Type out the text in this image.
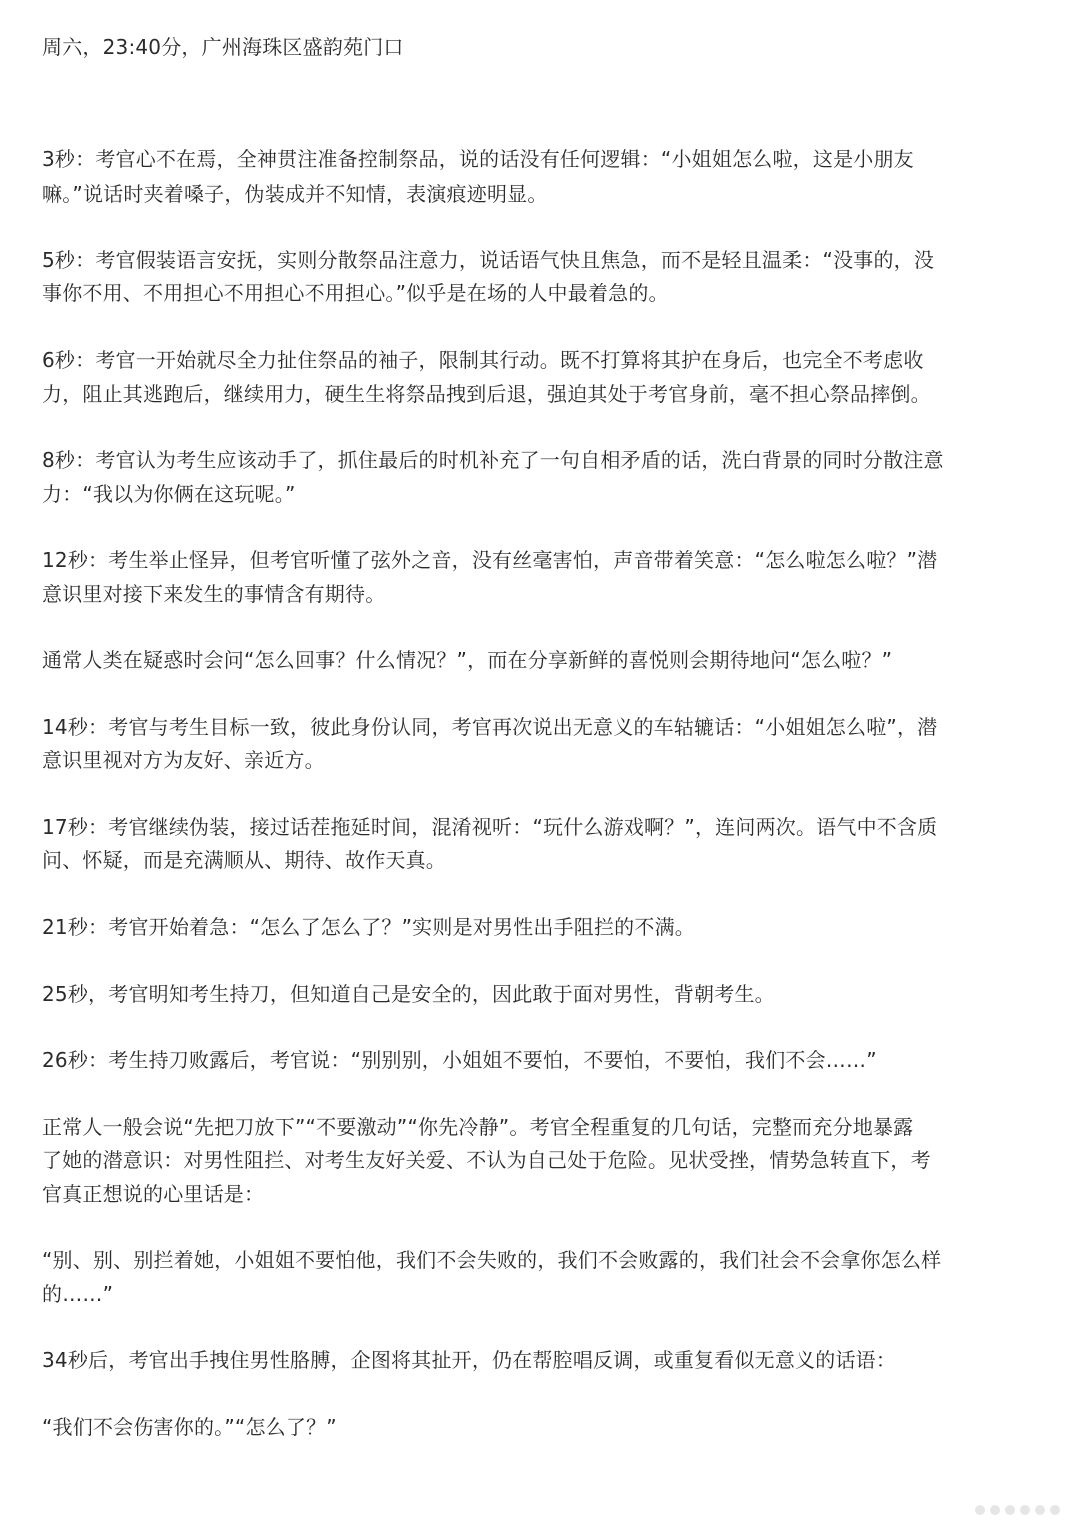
周六，23:40分，广州海珠区盛韵苑门口

3秒：考官心不在焉，全神贯注准备控制祭品，说的话没有任何逻辑：“小姐姐怎么啦，这是小朋友

嘛。”说话时夹着嗓子，伪装成并不知情，表演痕迹明显。

5秒：考官假装语言安抚，实则分散祭品注意力，说话语气快且焦急，而不是轻且温柔：“没事的，没

事你不用、不用担心不用担心不用担心。”似乎是在场的人中最着急的。

6秒：考官一开始就尽全力扯住祭品的袖子，限制其行动。既不打算将其护在身后，也完全不考虑收

力，阻止其逃跑后，继续用力，硬生生将祭品拽到后退，强迫其处于考官身前，毫不担心祭品摔倒。

8秒：考官认为考生应该动手了，抓住最后的时机补充了一句自相矛盾的话，洗白背景的同时分散注意

力：“我以为你俩在这玩呢。”

12秒：考生举止怪异，但考官听懂了弦外之音，没有丝毫害怕，声音带着笑意：“怎么啦怎么啦？”潜

意识里对接下来发生的事情含有期待。

通常人类在疑惑时会问“怎么回事？什么情况？”，而在分享新鲜的喜悦则会期待地问“怎么啦？”

14秒：考官与考生目标一致，彼此身份认同，考官再次说出无意义的车轱辘话：“小姐姐怎么啦”，潜

意识里视对方为友好、亲近方。

17秒：考官继续伪装，接过话茬拖延时间，混淆视听：“玩什么游戏啊？”，连问两次。语气中不含质

问、怀疑，而是充满顺从、期待、故作天真。

21秒：考官开始着急：“怎么了怎么了？”实则是对男性出手阻拦的不满。

25秒，考官明知考生持刀，但知道自己是安全的，因此敢于面对男性，背朝考生。

26秒：考生持刀败露后，考官说：“别别别，小姐姐不要怕，不要怕，不要怕，我们不会……”

正常人一般会说“先把刀放下”“不要激动”“你先冷静”。考官全程重复的几句话，完整而充分地暴露

了她的潜意识：对男性阻拦、对考生友好关爱、不认为自己处于危险。见状受挫，情势急转直下，考

官真正想说的心里话是：

“别、别、别拦着她，小姐姐不要怕他，我们不会失败的，我们不会败露的，我们社会不会拿你怎么样

的……”

34秒后，考官出手拽住男性胳膊，企图将其扯开，仍在帮腔唱反调，或重复看似无意义的话语：

“我们不会伤害你的。”“怎么了？”
